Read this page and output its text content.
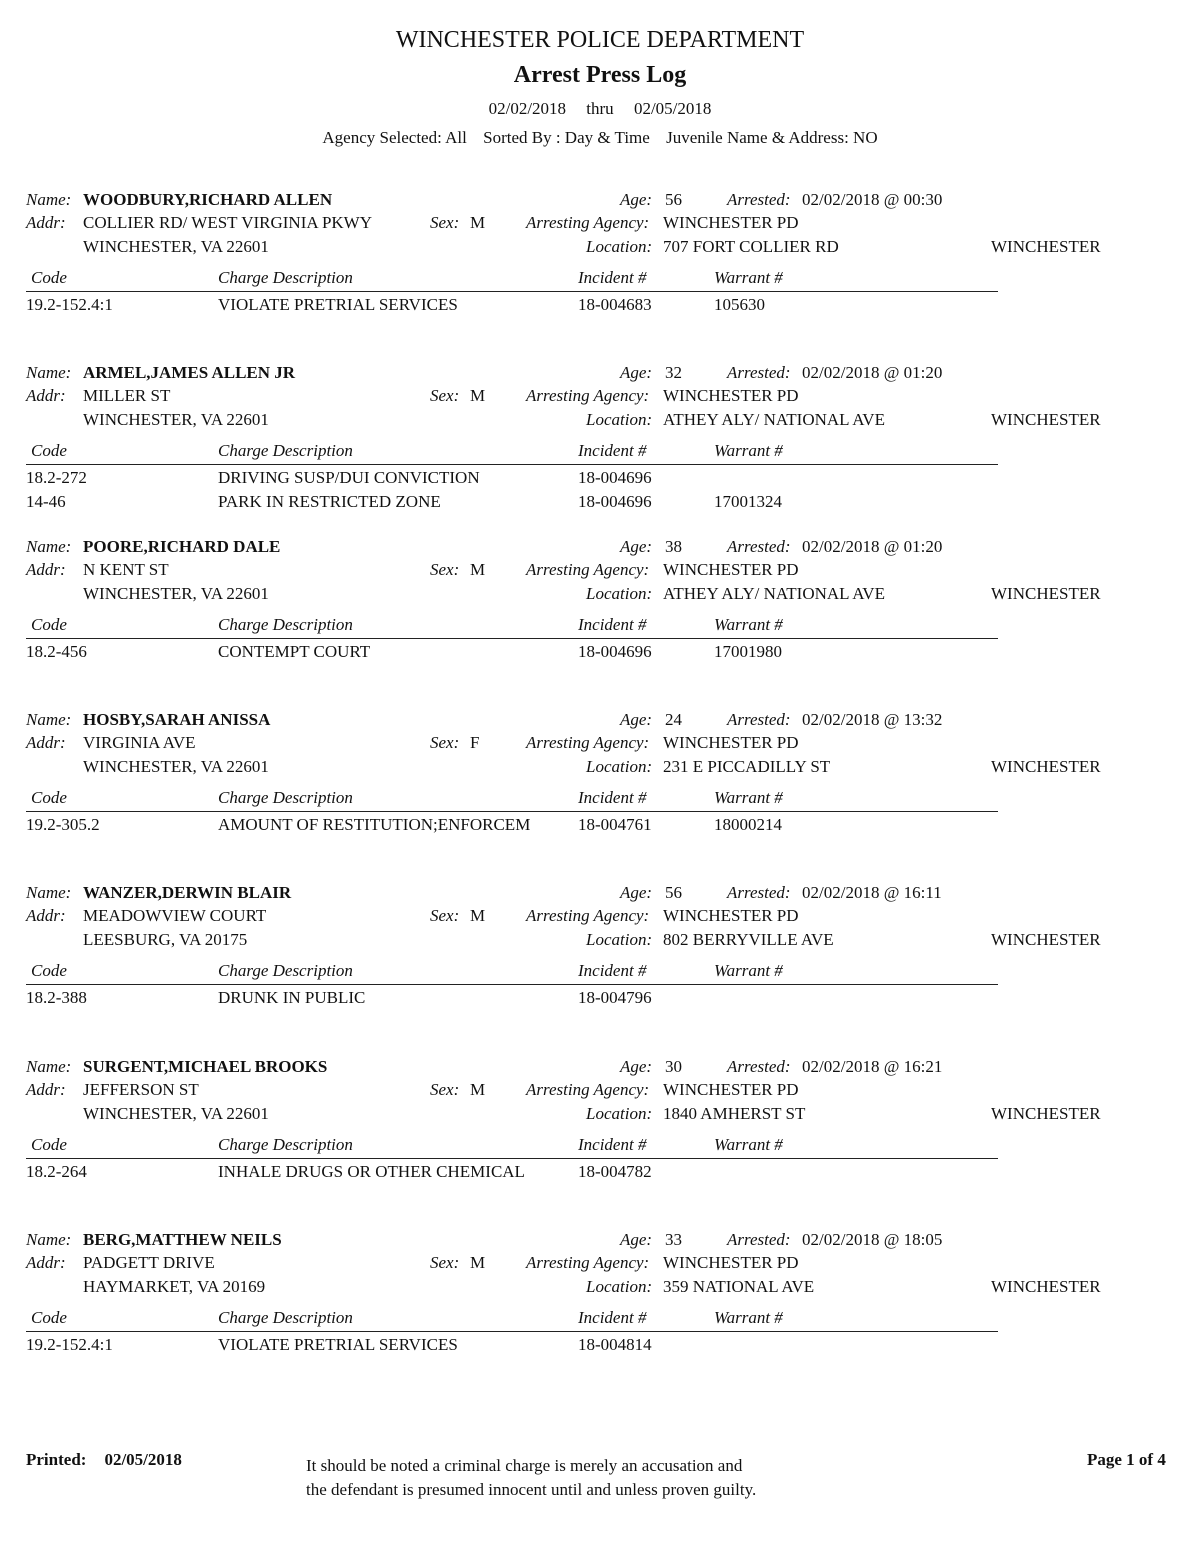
WINCHESTER POLICE DEPARTMENT
Arrest Press Log
02/02/2018 thru 02/05/2018
Agency Selected: All Sorted By : Day & Time Juvenile Name & Address: NO
Name: WOODBURY,RICHARD ALLEN	Age: 56	Arrested: 02/02/2018 @ 00:30
Addr: COLLIER RD/ WEST VIRGINIA PKWY	Sex: M Arresting Agency: WINCHESTER PD
WINCHESTER, VA 22601	Location: 707 FORT COLLIER RD	WINCHESTER
Code	Charge Description	Incident #	Warrant #
19.2-152.4:1	VIOLATE PRETRIAL SERVICES	18-004683	105630
Name: ARMEL,JAMES ALLEN JR	Age: 32	Arrested: 02/02/2018 @ 01:20
Addr: MILLER ST	Sex: M Arresting Agency: WINCHESTER PD
WINCHESTER, VA 22601	Location: ATHEY ALY/ NATIONAL AVE	WINCHESTER
Code	Charge Description	Incident #	Warrant #
18.2-272	DRIVING SUSP/DUI CONVICTION	18-004696
14-46	PARK IN RESTRICTED ZONE	18-004696	17001324
Name: POORE,RICHARD DALE	Age: 38	Arrested: 02/02/2018 @ 01:20
Addr: N KENT ST	Sex: M Arresting Agency: WINCHESTER PD
WINCHESTER, VA 22601	Location: ATHEY ALY/ NATIONAL AVE	WINCHESTER
Code	Charge Description	Incident #	Warrant #
18.2-456	CONTEMPT COURT	18-004696	17001980
Name: HOSBY,SARAH ANISSA	Age: 24	Arrested: 02/02/2018 @ 13:32
Addr: VIRGINIA AVE	Sex: F	Arresting Agency: WINCHESTER PD
WINCHESTER, VA 22601	Location: 231 E PICCADILLY ST	WINCHESTER
Code	Charge Description	Incident #	Warrant #
19.2-305.2	AMOUNT OF RESTITUTION;ENFORCEM	18-004761	18000214
Name: WANZER,DERWIN BLAIR	Age: 56	Arrested: 02/02/2018 @ 16:11
Addr: MEADOWVIEW COURT	Sex: M Arresting Agency: WINCHESTER PD
LEESBURG, VA 20175	Location: 802 BERRYVILLE AVE	WINCHESTER
Code	Charge Description	Incident #	Warrant #
18.2-388	DRUNK IN PUBLIC	18-004796
Name: SURGENT,MICHAEL BROOKS	Age: 30	Arrested: 02/02/2018 @ 16:21
Addr: JEFFERSON ST	Sex: M Arresting Agency: WINCHESTER PD
WINCHESTER, VA 22601	Location: 1840 AMHERST ST	WINCHESTER
Code	Charge Description	Incident #	Warrant #
18.2-264	INHALE DRUGS OR OTHER CHEMICAL	18-004782
Name: BERG,MATTHEW NEILS	Age: 33	Arrested: 02/02/2018 @ 18:05
Addr: PADGETT DRIVE	Sex: M Arresting Agency: WINCHESTER PD
HAYMARKET, VA 20169	Location: 359 NATIONAL AVE	WINCHESTER
Code	Charge Description	Incident #	Warrant #
19.2-152.4:1	VIOLATE PRETRIAL SERVICES	18-004814
Printed: 02/05/2018	It should be noted a criminal charge is merely an accusation and
the defendant is presumed innocent until and unless proven guilty.
Page 1 of 4
